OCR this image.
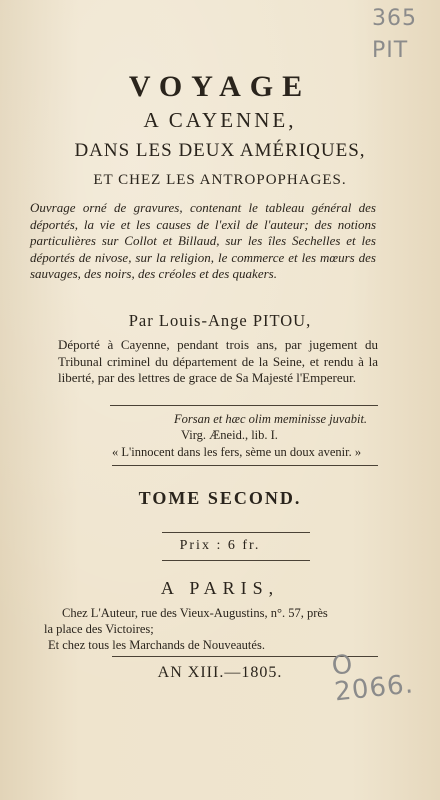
365
PIT
VOYAGE
A CAYENNE,
DANS LES DEUX AMÉRIQUES,
ET CHEZ LES ANTROPOPHAGES.
Ouvrage orné de gravures, contenant le tableau général des déportés, la vie et les causes de l'exil de l'auteur; des notions particulières sur Collot et Billaud, sur les îles Sechelles et les déportés de nivose, sur la religion, le commerce et les mœurs des sauvages, des noirs, des créoles et des quakers.
Par Louis-Ange PITOU,
Déporté à Cayenne, pendant trois ans, par jugement du Tribunal criminel du département de la Seine, et rendu à la liberté, par des lettres de grace de Sa Majesté l'Empereur.
Forsan et hæc olim meminisse juvabit.
Virg. Æneid., lib. I.
« L'innocent dans les fers, sème un doux avenir. »
TOME SECOND.
Prix : 6 fr.
A PARIS,
Chez L'Auteur, rue des Vieux-Augustins, n°. 57, près
la place des Victoires;
Et chez tous les Marchands de Nouveautés.
AN XIII.—1805.	O 2066.
